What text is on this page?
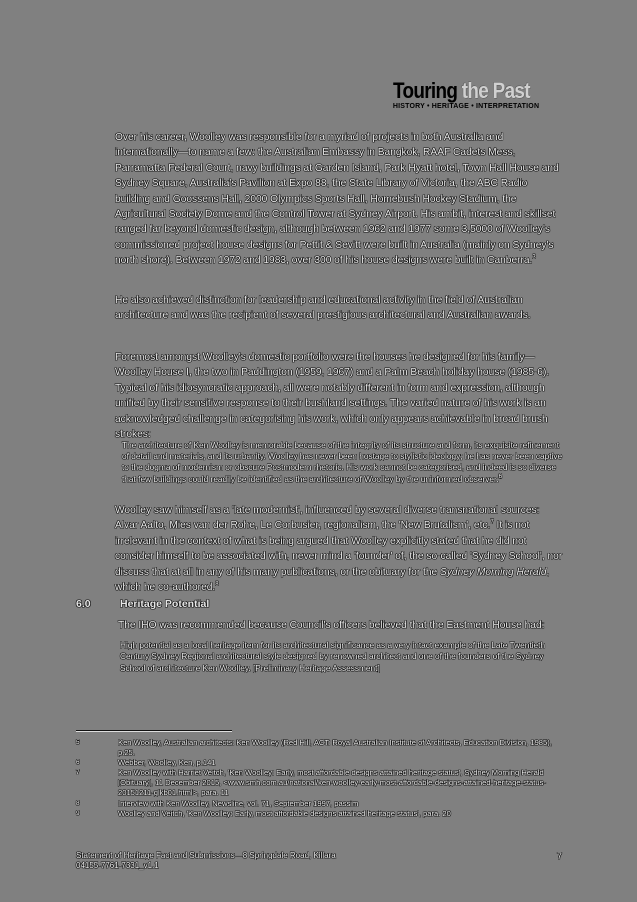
Touring the Past
HISTORY • HERITAGE • INTERPRETATION

Over his career, Woolley was responsible for a myriad of projects in both Australia and internationally—to name a few: the Australian Embassy in Bangkok, RAAF Cadets Mess, Parramatta Federal Court, navy buildings at Garden Island, Park Hyatt hotel, Town Hall House and Sydney Square, Australia's Pavilion at Expo 88, the State Library of Victoria, the ABC Radio building and Goossens Hall, 2000 Olympics Sports Hall, Homebush Hockey Stadium, the Agricultural Society Dome and the Control Tower at Sydney Airport. His ambit, interest and skillset ranged far beyond domestic design, although between 1962 and 1977 some 3,5000 of Woolley's commissioned project house designs for Pettit & Sevitt were built in Australia (mainly on Sydney's north shore). Between 1972 and 1983, over 300 of his house designs were built in Canberra.$^3$

He also achieved distinction for leadership and educational activity in the field of Australian architecture and was the recipient of several prestigious architectural and Australian awards.

Foremost amongst Woolley's domestic portfolio were the houses he designed for his family—Woolley House I, the two in Paddington (1959, 1967) and a Palm Beach holiday house (1985-6). Typical of his idiosyncratic approach, all were notably different in form and expression, although unified by their sensitive response to their bushland settings. The varied nature of his work is an acknowledged challenge in categorising his work, which only appears achievable in broad brush strokes:

The architecture of Ken Woolley is memorable because of the integrity of its structure and form, its exquisite refinement of detail and materials, and its urbanity. Woolley has never been hostage to stylistic ideology; he has never been captive to the dogma of modernism or obscure Postmodern rhetoric. His work cannot be categorised, and indeed is so diverse that few buildings could readily be identified as the architecture of Woolley by the uninformed observer.$^6$

Woolley saw himself as a 'late modernist', influenced by several diverse transnational sources: Alvar Aalto, Mies van der Rohe, Le Corbusier, regionalism, the 'New Brutalism', etc.$^7$ It is not irrelevant in the context of what is being argued that Woolley explicitly stated that he did not consider himself to be associated with, never mind a 'founder' of, the so-called 'Sydney School', nor discuss that at all in any of his many publications, or the obituary for the Sydney Morning Herald, which he co-authored.$^8$

6.0	Heritage Potential
The IHO was recommended because Council's officers believed that the Eastment House had:
High potential as a local heritage item for its architectural significance as a very intact example of the Late Twentieth Century Sydney Regional architectural style designed by renowned architect and one of the founders of the Sydney School of architecture Ken Woolley. [Preliminary Heritage Assessment]
5	Ken Woolley, Australian architects: Ken Woolley (Red Hill, ACT: Royal Australian Institute of Architects, Education Division, 1985), p.25.
6	Webber, Woolley, Ken, p.141
7	Ken Woolley with Harriet Veitch, 'Ken Woolley: Early, most affordable designs attained heritage status', Sydney Morning Herald [Obituary], 11 December 2015, <www.smh.com.au/national/ken-woolley-early-most-affordable-designs-attained-heritage-status-20151211-glkb01.html>, para. 11
8	Interview with Ken Woolley, Newsline, vol. 71, September 1997, passim
9	Woolley and Veitch, 'Ken Woolley: Early, most affordable designs attained heritage status', para. 20
Statement of Heritage Fact and Submissions—8 Springdale Road, Killara
04155-7761-7331_v1.1
7
